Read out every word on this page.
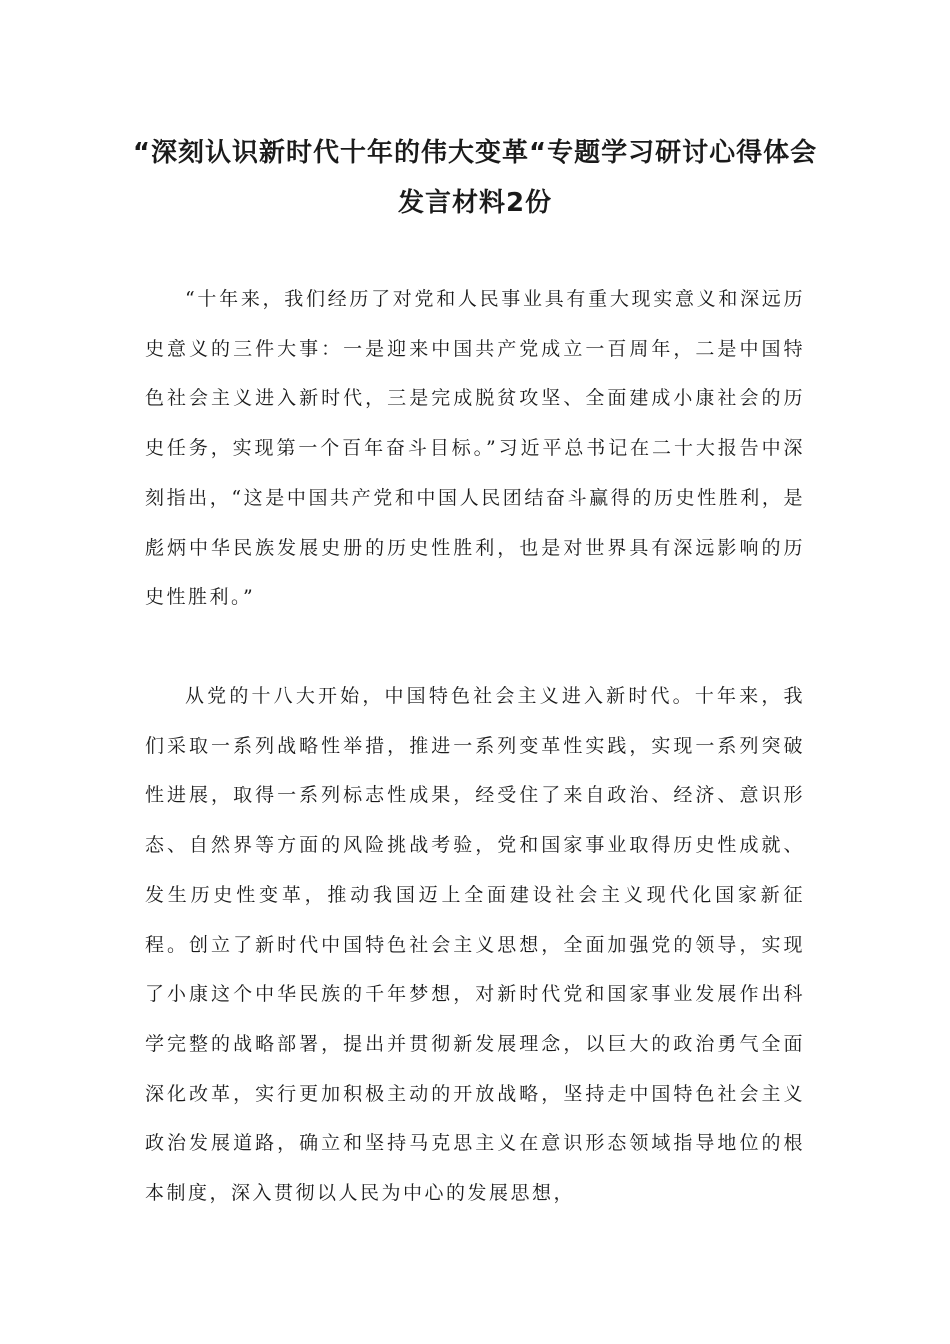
“深刻认识新时代十年的伟大变革“专题学习研讨心得体会发言材料2份

“十年来，我们经历了对党和人民事业具有重大现实意义和深远历史意义的三件大事：一是迎来中国共产党成立一百周年，二是中国特色社会主义进入新时代，三是完成脱贫攻坚、全面建成小康社会的历史任务，实现第一个百年奋斗目标。”习近平总书记在二十大报告中深刻指出，“这是中国共产党和中国人民团结奋斗赢得的历史性胜利，是彪炳中华民族发展史册的历史性胜利，也是对世界具有深远影响的历史性胜利。”

从党的十八大开始，中国特色社会主义进入新时代。十年来，我们采取一系列战略性举措，推进一系列变革性实践，实现一系列突破性进展，取得一系列标志性成果，经受住了来自政治、经济、意识形态、自然界等方面的风险挑战考验，党和国家事业取得历史性成就、发生历史性变革，推动我国迈上全面建设社会主义现代化国家新征程。创立了新时代中国特色社会主义思想，全面加强党的领导，实现了小康这个中华民族的千年梦想，对新时代党和国家事业发展作出科学完整的战略部署，提出并贯彻新发展理念，以巨大的政治勇气全面深化改革，实行更加积极主动的开放战略，坚持走中国特色社会主义政治发展道路，确立和坚持马克思主义在意识形态领域指导地位的根本制度，深入贯彻以人民为中心的发展思想，
